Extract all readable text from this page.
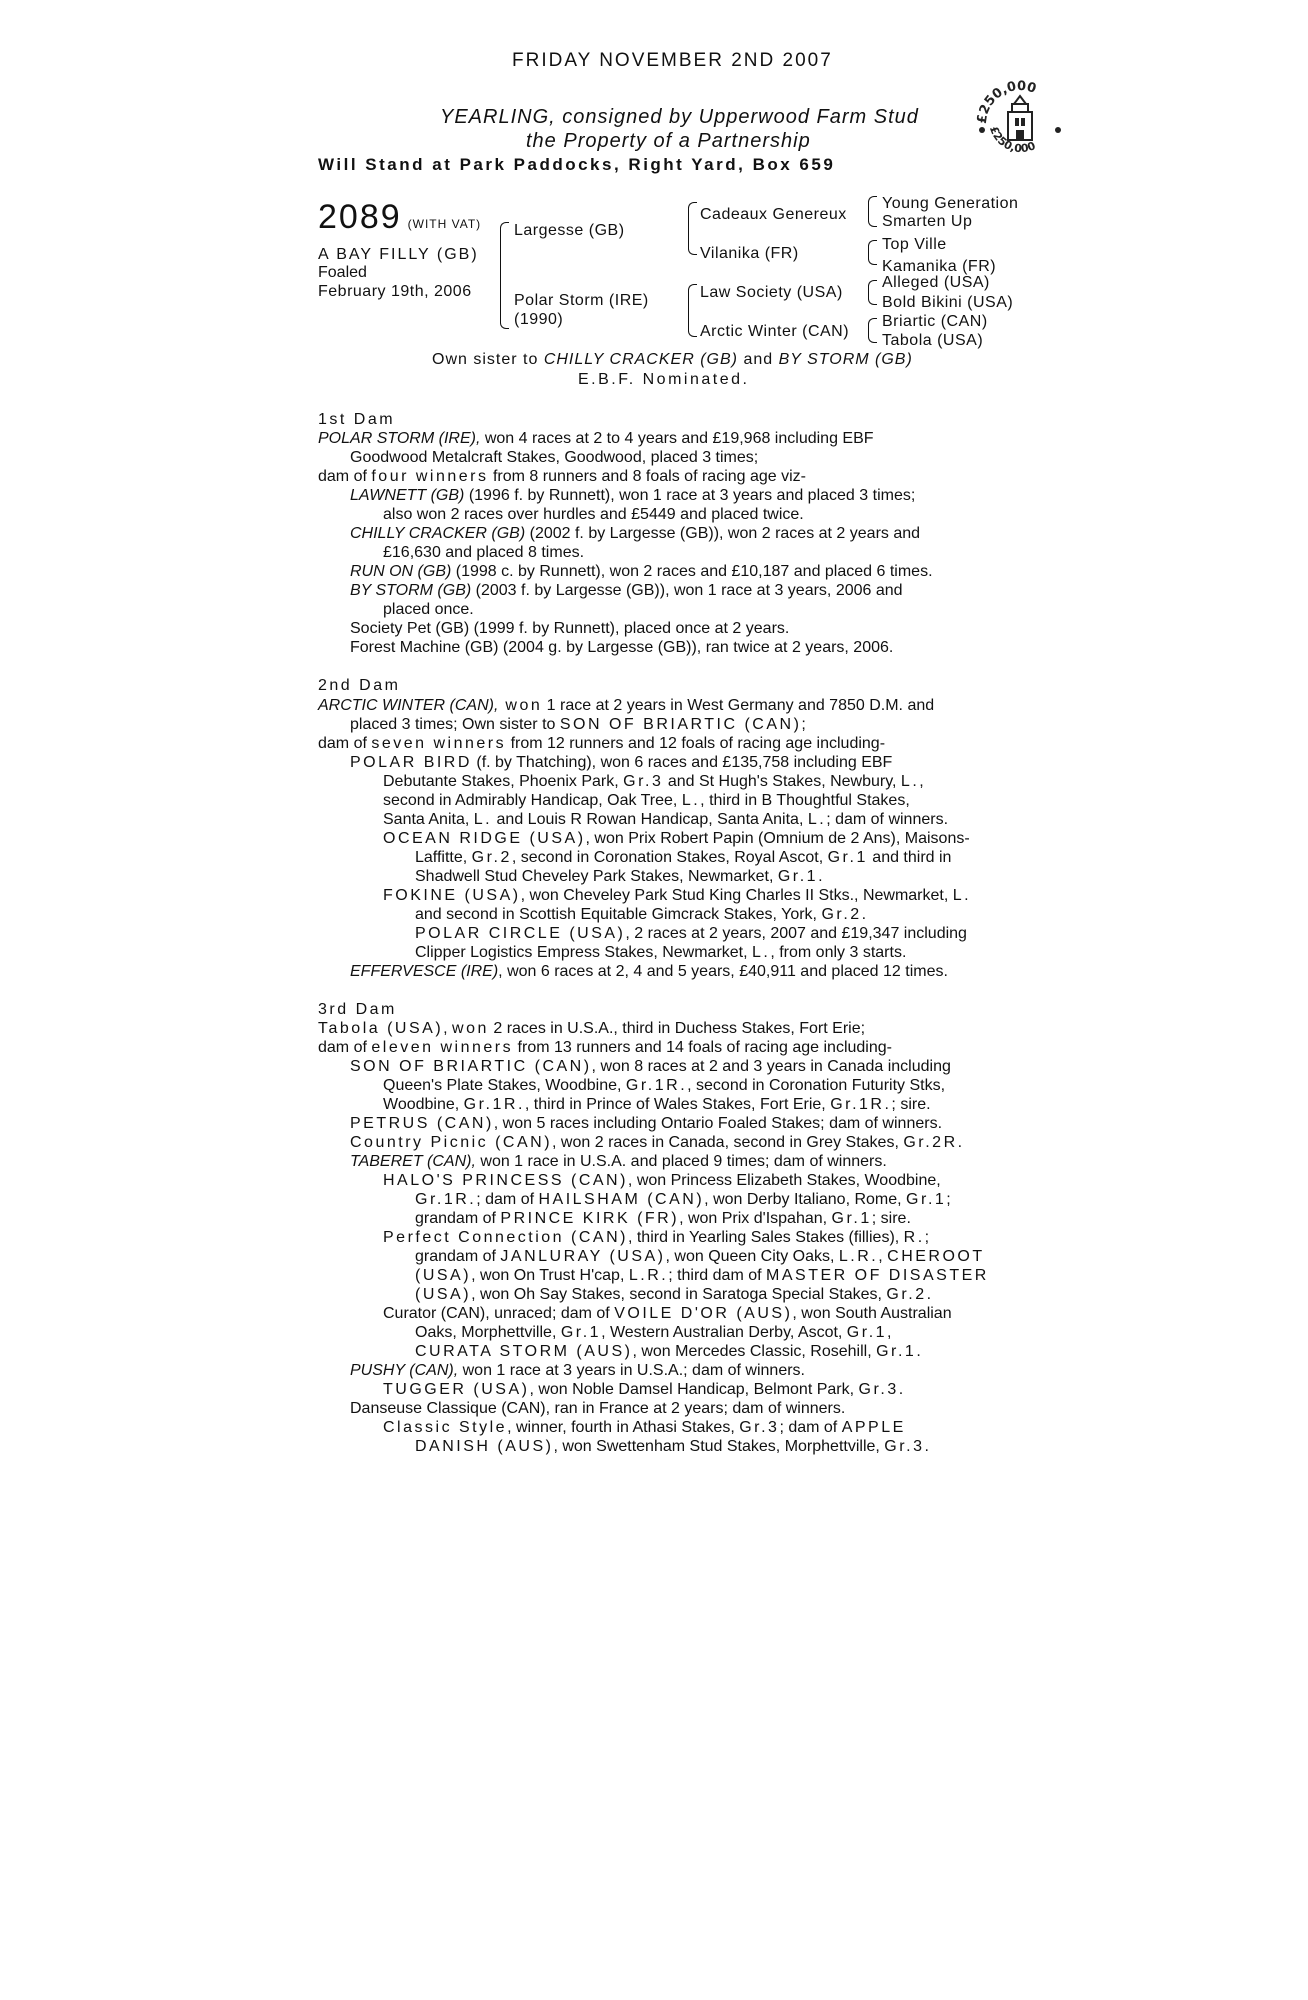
FRIDAY NOVEMBER 2ND 2007
YEARLING, consigned by Upperwood Farm Stud
the Property of a Partnership
Will Stand at Park Paddocks, Right Yard, Box 659
£250,000
£250,000
2089 (WITH VAT)
A BAY FILLY (GB)
Foaled
February 19th, 2006
Largesse (GB)
Polar Storm (IRE)
(1990)
Cadeaux Genereux
Vilanika (FR)
Law Society (USA)
Arctic Winter (CAN)
Young Generation
Smarten Up
Top Ville
Kamanika (FR)
Alleged (USA)
Bold Bikini (USA)
Briartic (CAN)
Tabola (USA)
Own sister to CHILLY CRACKER (GB) and BY STORM (GB)
E.B.F. Nominated.
1st Dam
2nd Dam
3rd Dam
POLAR STORM (IRE), won 4 races at 2 to 4 years and £19,968 including EBF
Goodwood Metalcraft Stakes, Goodwood, placed 3 times;
dam of four winners from 8 runners and 8 foals of racing age viz-
LAWNETT (GB) (1996 f. by Runnett), won 1 race at 3 years and placed 3 times;
also won 2 races over hurdles and £5449 and placed twice.
CHILLY CRACKER (GB) (2002 f. by Largesse (GB)), won 2 races at 2 years and
£16,630 and placed 8 times.
RUN ON (GB) (1998 c. by Runnett), won 2 races and £10,187 and placed 6 times.
BY STORM (GB) (2003 f. by Largesse (GB)), won 1 race at 3 years, 2006 and
placed once.
Society Pet (GB) (1999 f. by Runnett), placed once at 2 years.
Forest Machine (GB) (2004 g. by Largesse (GB)), ran twice at 2 years, 2006.
ARCTIC WINTER (CAN), won 1 race at 2 years in West Germany and 7850 D.M. and
placed 3 times; Own sister to SON OF BRIARTIC (CAN);
dam of seven winners from 12 runners and 12 foals of racing age including-
POLAR BIRD (f. by Thatching), won 6 races and £135,758 including EBF
Debutante Stakes, Phoenix Park, Gr.3 and St Hugh's Stakes, Newbury, L.,
second in Admirably Handicap, Oak Tree, L., third in B Thoughtful Stakes,
Santa Anita, L. and Louis R Rowan Handicap, Santa Anita, L.; dam of winners.
OCEAN RIDGE (USA), won Prix Robert Papin (Omnium de 2 Ans), Maisons-
Laffitte, Gr.2, second in Coronation Stakes, Royal Ascot, Gr.1 and third in
Shadwell Stud Cheveley Park Stakes, Newmarket, Gr.1.
FOKINE (USA), won Cheveley Park Stud King Charles II Stks., Newmarket, L.
and second in Scottish Equitable Gimcrack Stakes, York, Gr.2.
POLAR CIRCLE (USA), 2 races at 2 years, 2007 and £19,347 including
Clipper Logistics Empress Stakes, Newmarket, L., from only 3 starts.
EFFERVESCE (IRE), won 6 races at 2, 4 and 5 years, £40,911 and placed 12 times.
Tabola (USA), won 2 races in U.S.A., third in Duchess Stakes, Fort Erie;
dam of eleven winners from 13 runners and 14 foals of racing age including-
SON OF BRIARTIC (CAN), won 8 races at 2 and 3 years in Canada including
Queen's Plate Stakes, Woodbine, Gr.1R., second in Coronation Futurity Stks,
Woodbine, Gr.1R., third in Prince of Wales Stakes, Fort Erie, Gr.1R.; sire.
PETRUS (CAN), won 5 races including Ontario Foaled Stakes; dam of winners.
Country Picnic (CAN), won 2 races in Canada, second in Grey Stakes, Gr.2R.
TABERET (CAN), won 1 race in U.S.A. and placed 9 times; dam of winners.
HALO'S PRINCESS (CAN), won Princess Elizabeth Stakes, Woodbine,
Gr.1R.; dam of HAILSHAM (CAN), won Derby Italiano, Rome, Gr.1;
grandam of PRINCE KIRK (FR), won Prix d'Ispahan, Gr.1; sire.
Perfect Connection (CAN), third in Yearling Sales Stakes (fillies), R.;
grandam of JANLURAY (USA), won Queen City Oaks, L.R., CHEROOT
(USA), won On Trust H'cap, L.R.; third dam of MASTER OF DISASTER
(USA), won Oh Say Stakes, second in Saratoga Special Stakes, Gr.2.
Curator (CAN), unraced; dam of VOILE D'OR (AUS), won South Australian
Oaks, Morphettville, Gr.1, Western Australian Derby, Ascot, Gr.1,
CURATA STORM (AUS), won Mercedes Classic, Rosehill, Gr.1.
PUSHY (CAN), won 1 race at 3 years in U.S.A.; dam of winners.
TUGGER (USA), won Noble Damsel Handicap, Belmont Park, Gr.3.
Danseuse Classique (CAN), ran in France at 2 years; dam of winners.
Classic Style, winner, fourth in Athasi Stakes, Gr.3; dam of APPLE
DANISH (AUS), won Swettenham Stud Stakes, Morphettville, Gr.3.
